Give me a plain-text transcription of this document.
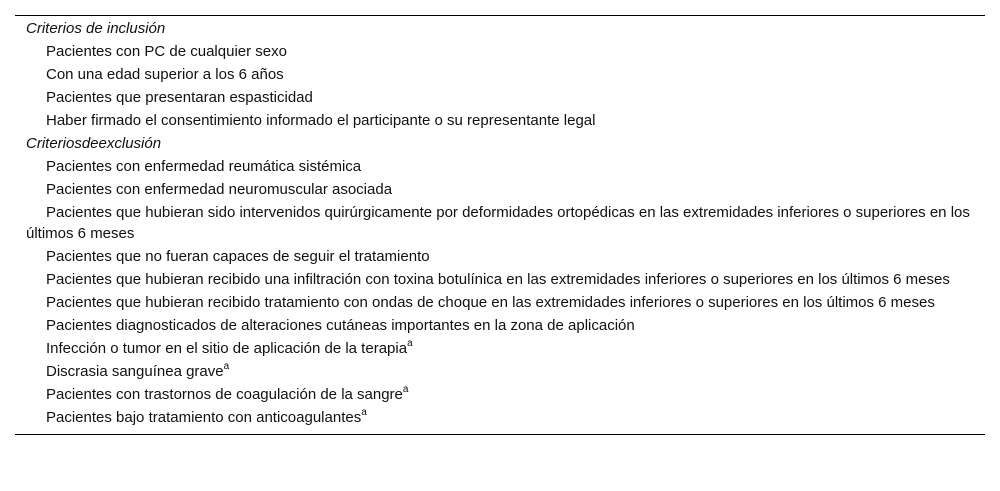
Criterios de inclusión
Pacientes con PC de cualquier sexo
Con una edad superior a los 6 años
Pacientes que presentaran espasticidad
Haber firmado el consentimiento informado el participante o su representante legal
Criteriosdeexclusión
Pacientes con enfermedad reumática sistémica
Pacientes con enfermedad neuromuscular asociada
Pacientes que hubieran sido intervenidos quirúrgicamente por deformidades ortopédicas en las extremidades inferiores o superiores en los últimos 6 meses
Pacientes que no fueran capaces de seguir el tratamiento
Pacientes que hubieran recibido una infiltración con toxina botulínica en las extremidades inferiores o superiores en los últimos 6 meses
Pacientes que hubieran recibido tratamiento con ondas de choque en las extremidades inferiores o superiores en los últimos 6 meses
Pacientes diagnosticados de alteraciones cutáneas importantes en la zona de aplicación
Infección o tumor en el sitio de aplicación de la terapia$^a$
Discrasia sanguínea grave$^a$
Pacientes con trastornos de coagulación de la sangre$^a$
Pacientes bajo tratamiento con anticoagulantes$^a$
